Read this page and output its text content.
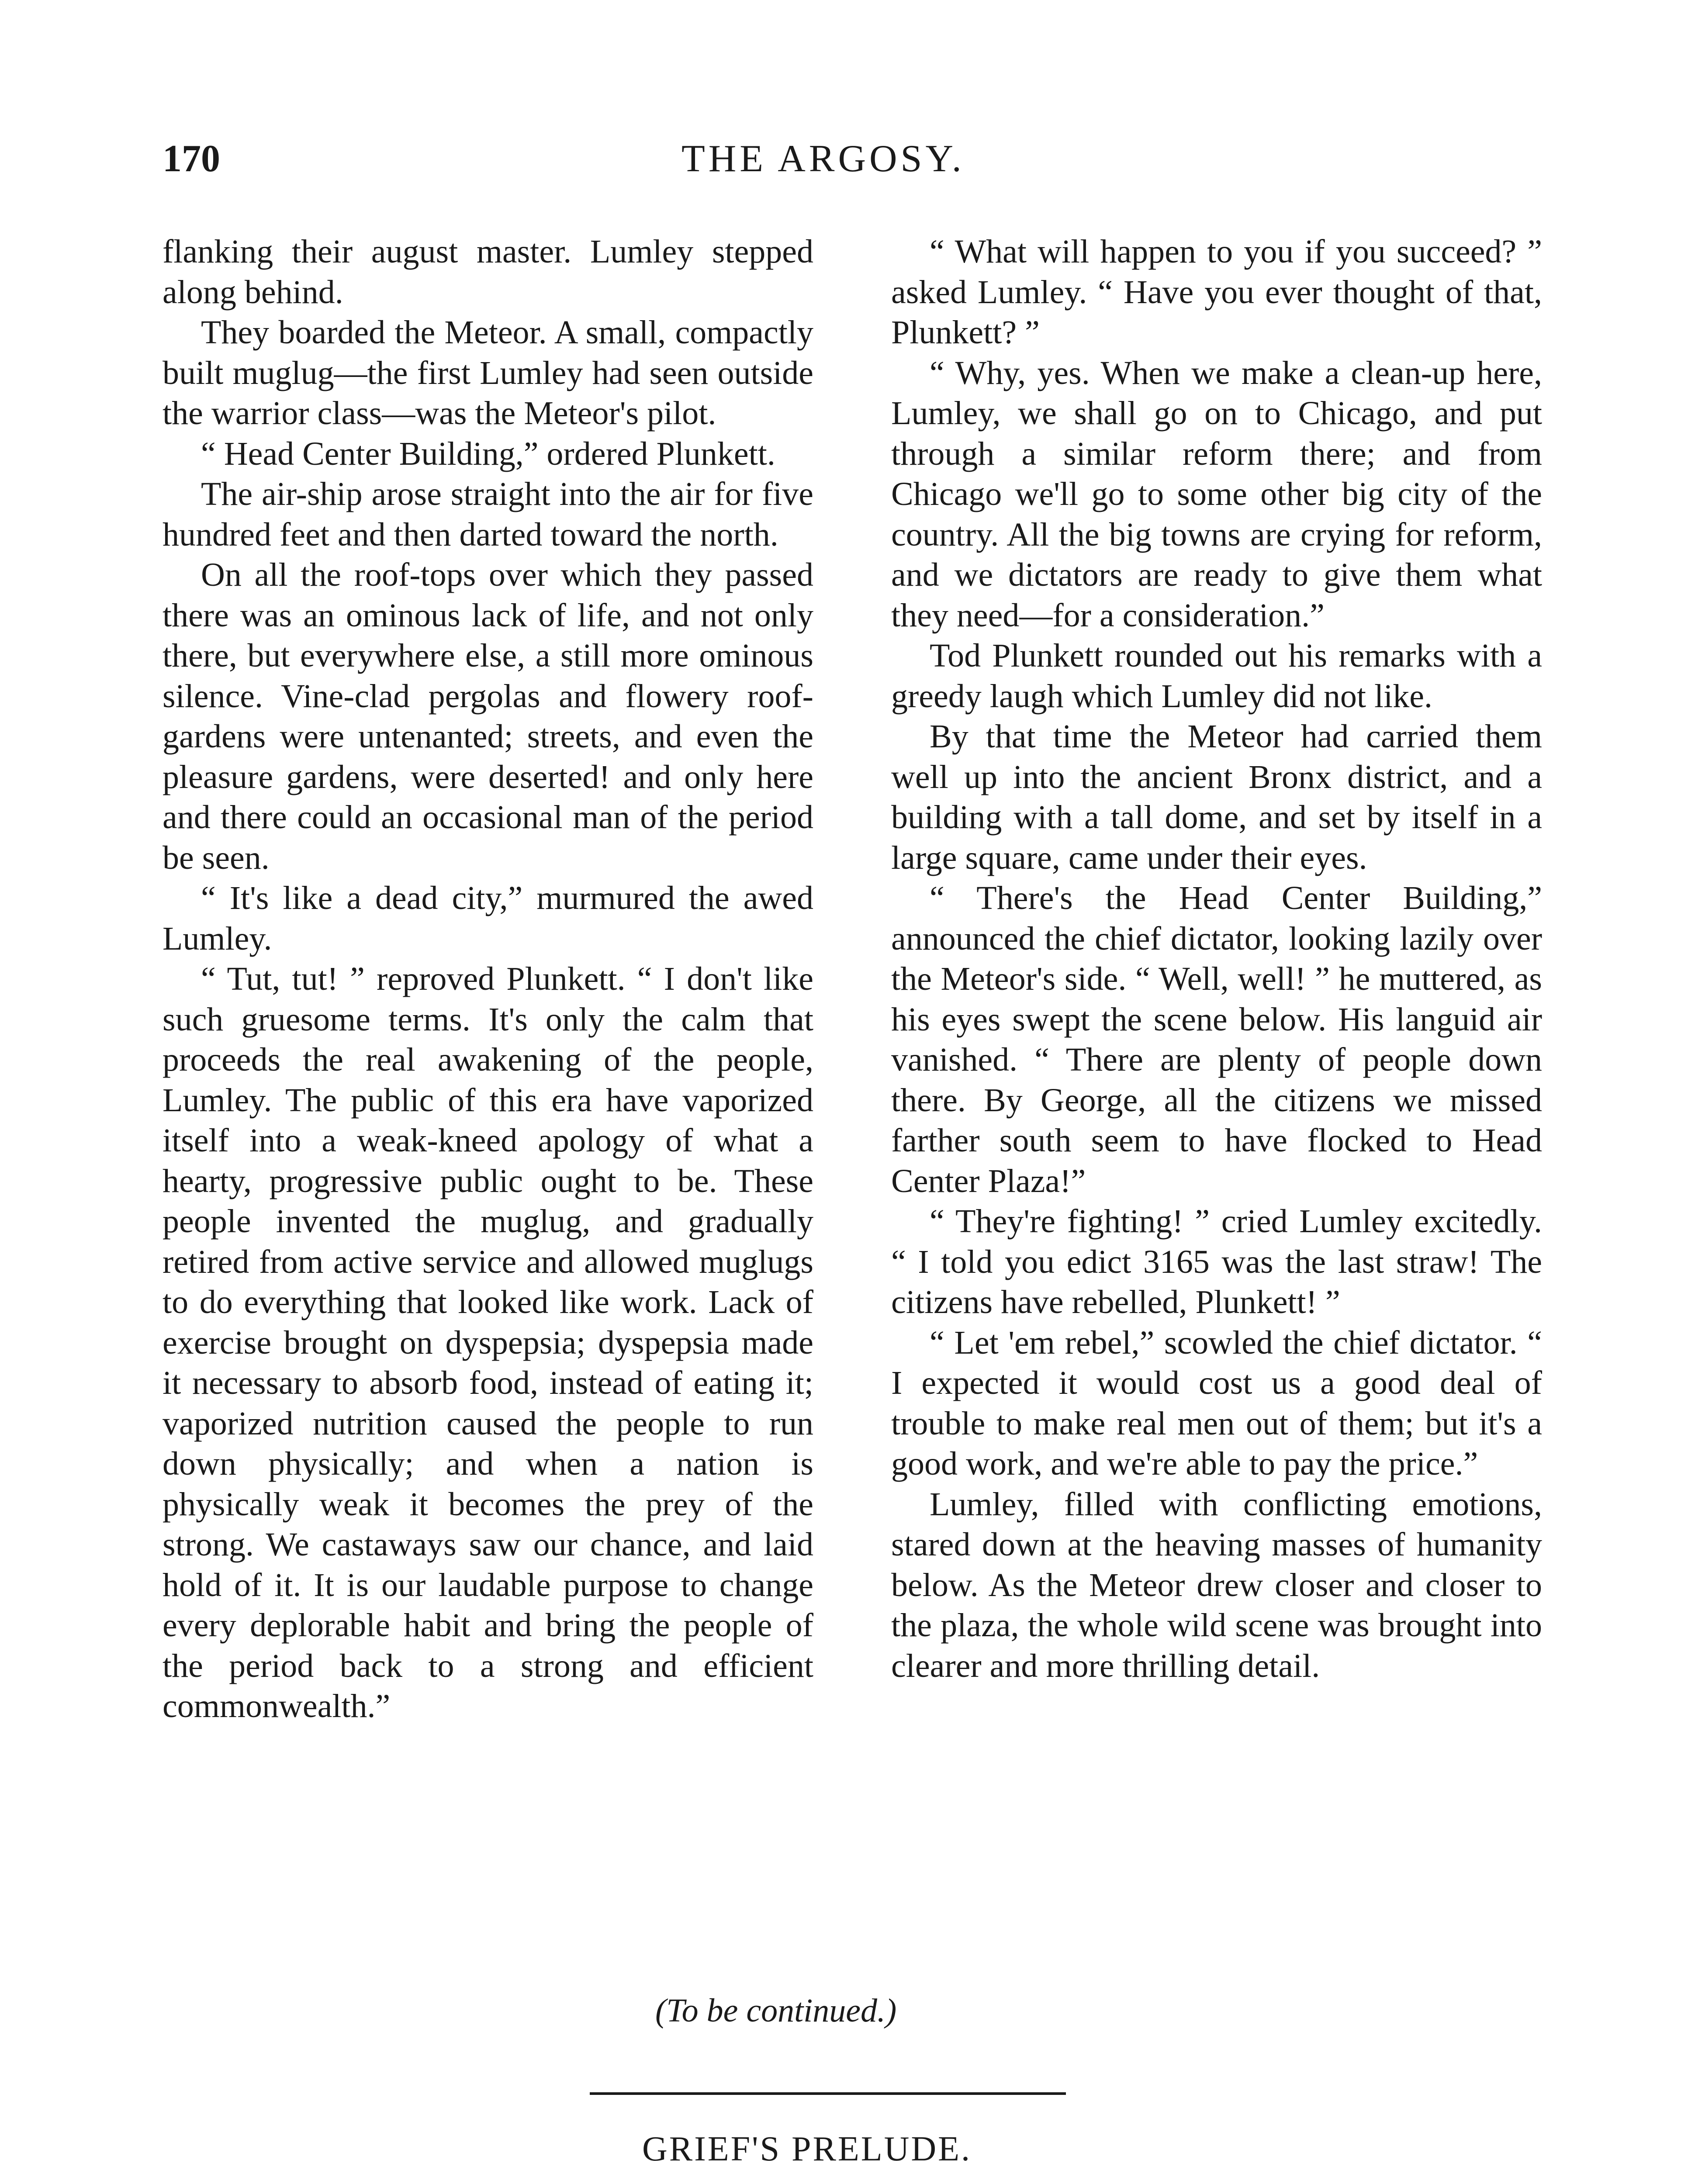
170	THE ARGOSY.

flanking their august master. Lumley stepped along behind.

They boarded the Meteor. A small, compactly built muglug—the first Lumley had seen outside the warrior class—was the Meteor's pilot.

“ Head Center Building,” ordered Plunkett.

The air-ship arose straight into the air for five hundred feet and then darted toward the north.

On all the roof-tops over which they passed there was an ominous lack of life, and not only there, but everywhere else, a still more ominous silence. Vine-clad pergolas and flowery roof-gardens were untenanted; streets, and even the pleasure gardens, were deserted! and only here and there could an occasional man of the period be seen.

“ It's like a dead city,” murmured the awed Lumley.

“ Tut, tut! ” reproved Plunkett. “ I don't like such gruesome terms. It's only the calm that proceeds the real awakening of the people, Lumley. The public of this era have vaporized itself into a weak-kneed apology of what a hearty, progressive public ought to be. These people invented the muglug, and gradually retired from active service and allowed muglugs to do everything that looked like work. Lack of exercise brought on dyspepsia; dyspepsia made it necessary to absorb food, instead of eating it; vaporized nutrition caused the people to run down physically; and when a nation is physically weak it becomes the prey of the strong. We castaways saw our chance, and laid hold of it. It is our laudable purpose to change every deplorable habit and bring the people of the period back to a strong and efficient commonwealth.”

“ What will happen to you if you succeed? ” asked Lumley. “ Have you ever thought of that, Plunkett? ”

“ Why, yes. When we make a clean-up here, Lumley, we shall go on to Chicago, and put through a similar reform there; and from Chicago we'll go to some other big city of the country. All the big towns are crying for reform, and we dictators are ready to give them what they need—for a consideration.”

Tod Plunkett rounded out his remarks with a greedy laugh which Lumley did not like.

By that time the Meteor had carried them well up into the ancient Bronx district, and a building with a tall dome, and set by itself in a large square, came under their eyes.

“ There's the Head Center Building,” announced the chief dictator, looking lazily over the Meteor's side. “ Well, well! ” he muttered, as his eyes swept the scene below. His languid air vanished. “ There are plenty of people down there. By George, all the citizens we missed farther south seem to have flocked to Head Center Plaza!”

“ They're fighting! ” cried Lumley excitedly. “ I told you edict 3165 was the last straw! The citizens have rebelled, Plunkett! ”

“ Let 'em rebel,” scowled the chief dictator. “ I expected it would cost us a good deal of trouble to make real men out of them; but it's a good work, and we're able to pay the price.”

Lumley, filled with conflicting emotions, stared down at the heaving masses of humanity below. As the Meteor drew closer and closer to the plaza, the whole wild scene was brought into clearer and more thrilling detail.

(To be continued.)
GRIEF'S PRELUDE.
